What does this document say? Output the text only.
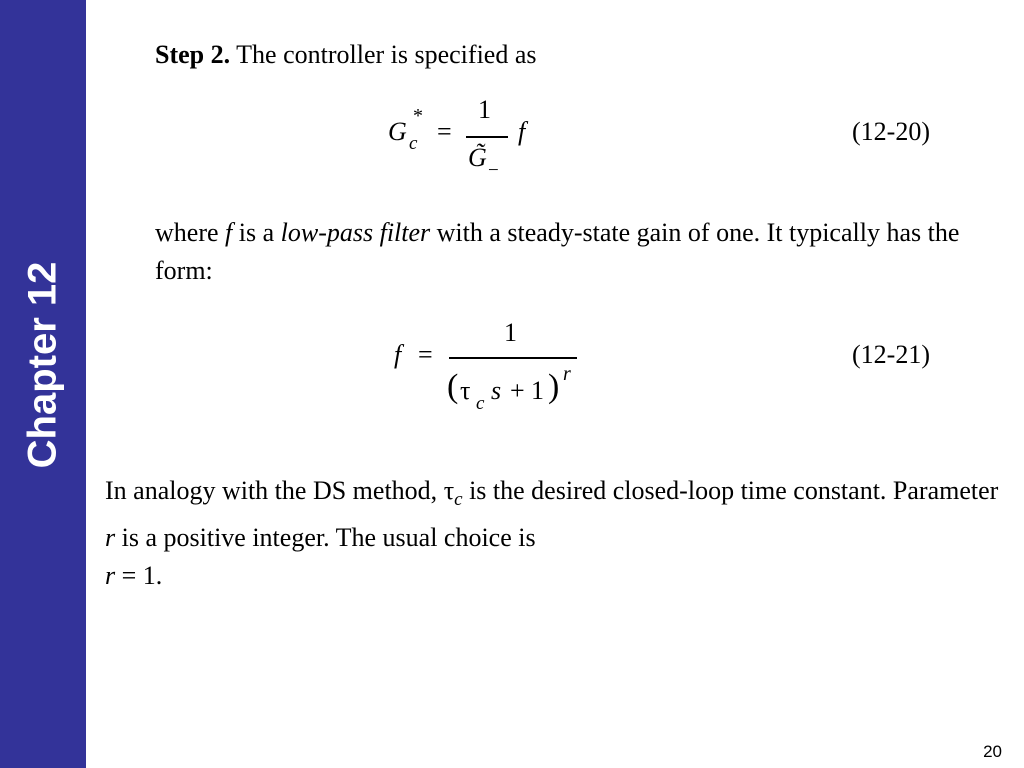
Chapter 12

Step 2. The controller is specified as

G
*
c =
1
G̃ −
f	(12-20)

where f is a low-pass filter with a steady-state gain of one. It typically has the form:

f =
1
( τ c s + 1 ) r
(12-21)

In analogy with the DS method, $\tau_c$ is the desired closed-loop time constant. Parameter r is a positive integer. The usual choice is
r = 1.

20
